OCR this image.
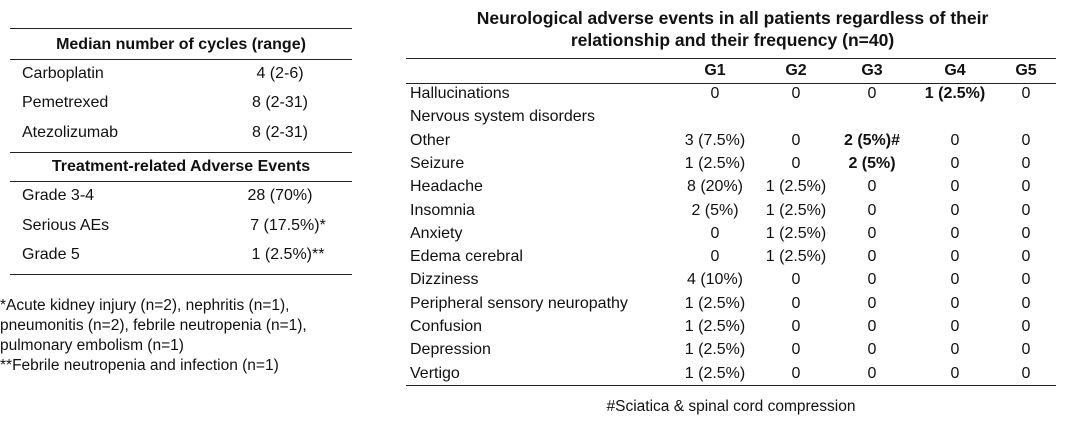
Median number of cycles (range)
Carboplatin	4 (2-6)
Pemetrexed	8 (2-31)
Atezolizumab	8 (2-31)
Treatment-related Adverse Events
Grade 3-4	28 (70%)
Serious AEs	7 (17.5%)*
Grade 5	1 (2.5%)**
*Acute kidney injury (n=2), nephritis (n=1),
pneumonitis (n=2), febrile neutropenia (n=1),
pulmonary embolism (n=1)
**Febrile neutropenia and infection (n=1)
Neurological adverse events in all patients regardless of their
relationship and their frequency (n=40)
G1	G2	G3	G4	G5
Hallucinations	0	0	0	1 (2.5%)	0
Nervous system disorders
Other	3 (7.5%)	0	2 (5%)#	0	0
Seizure	1 (2.5%)	0	2 (5%)	0	0
Headache	8 (20%)	1 (2.5%)	0	0	0
Insomnia	2 (5%)	1 (2.5%)	0	0	0
Anxiety	0	1 (2.5%)	0	0	0
Edema cerebral	0	1 (2.5%)	0	0	0
Dizziness	4 (10%)	0	0	0	0
Peripheral sensory neuropathy	1 (2.5%)	0	0	0	0
Confusion	1 (2.5%)	0	0	0	0
Depression	1 (2.5%)	0	0	0	0
Vertigo	1 (2.5%)	0	0	0	0
#Sciatica & spinal cord compression
